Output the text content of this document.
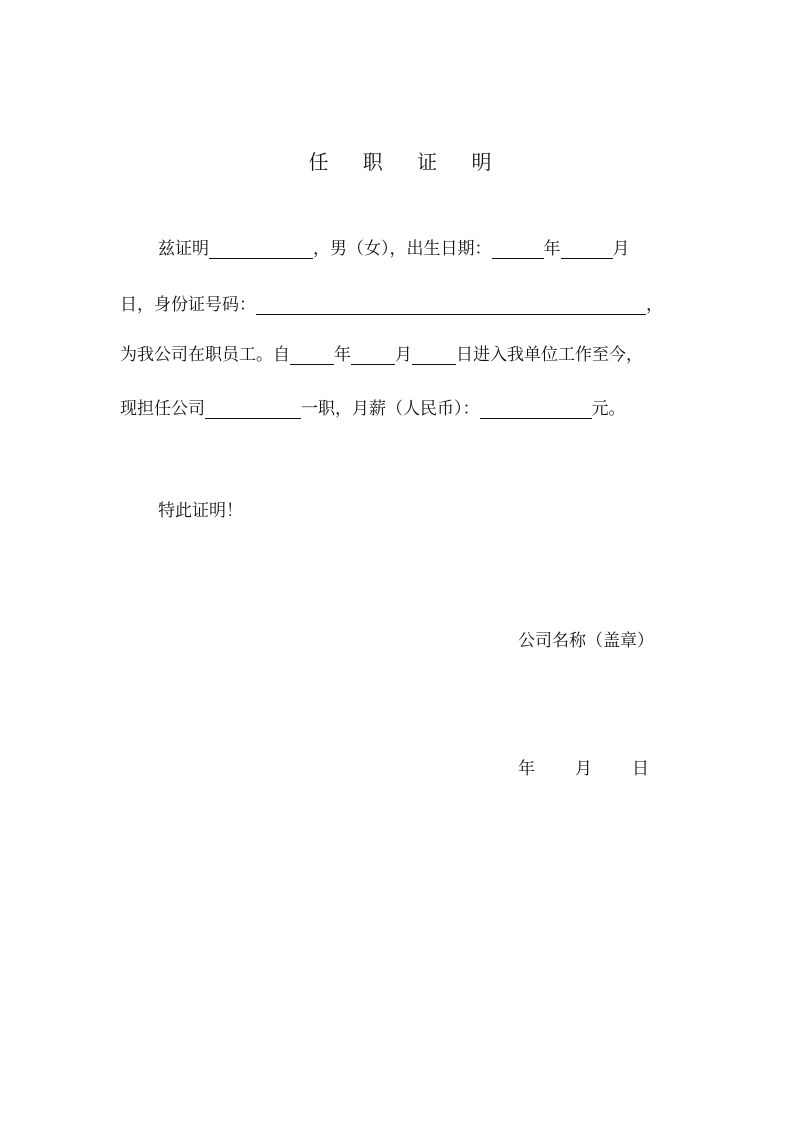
任 职 证 明
兹证明	，男（女），出生日期：	年	月
日，身份证号码：	，
为我公司在职员工。自	年	月	日进入我单位工作至今，
现担任公司	一职，月薪（人民币）：	元。
特此证明！
公司名称（盖章）
年 月 日
